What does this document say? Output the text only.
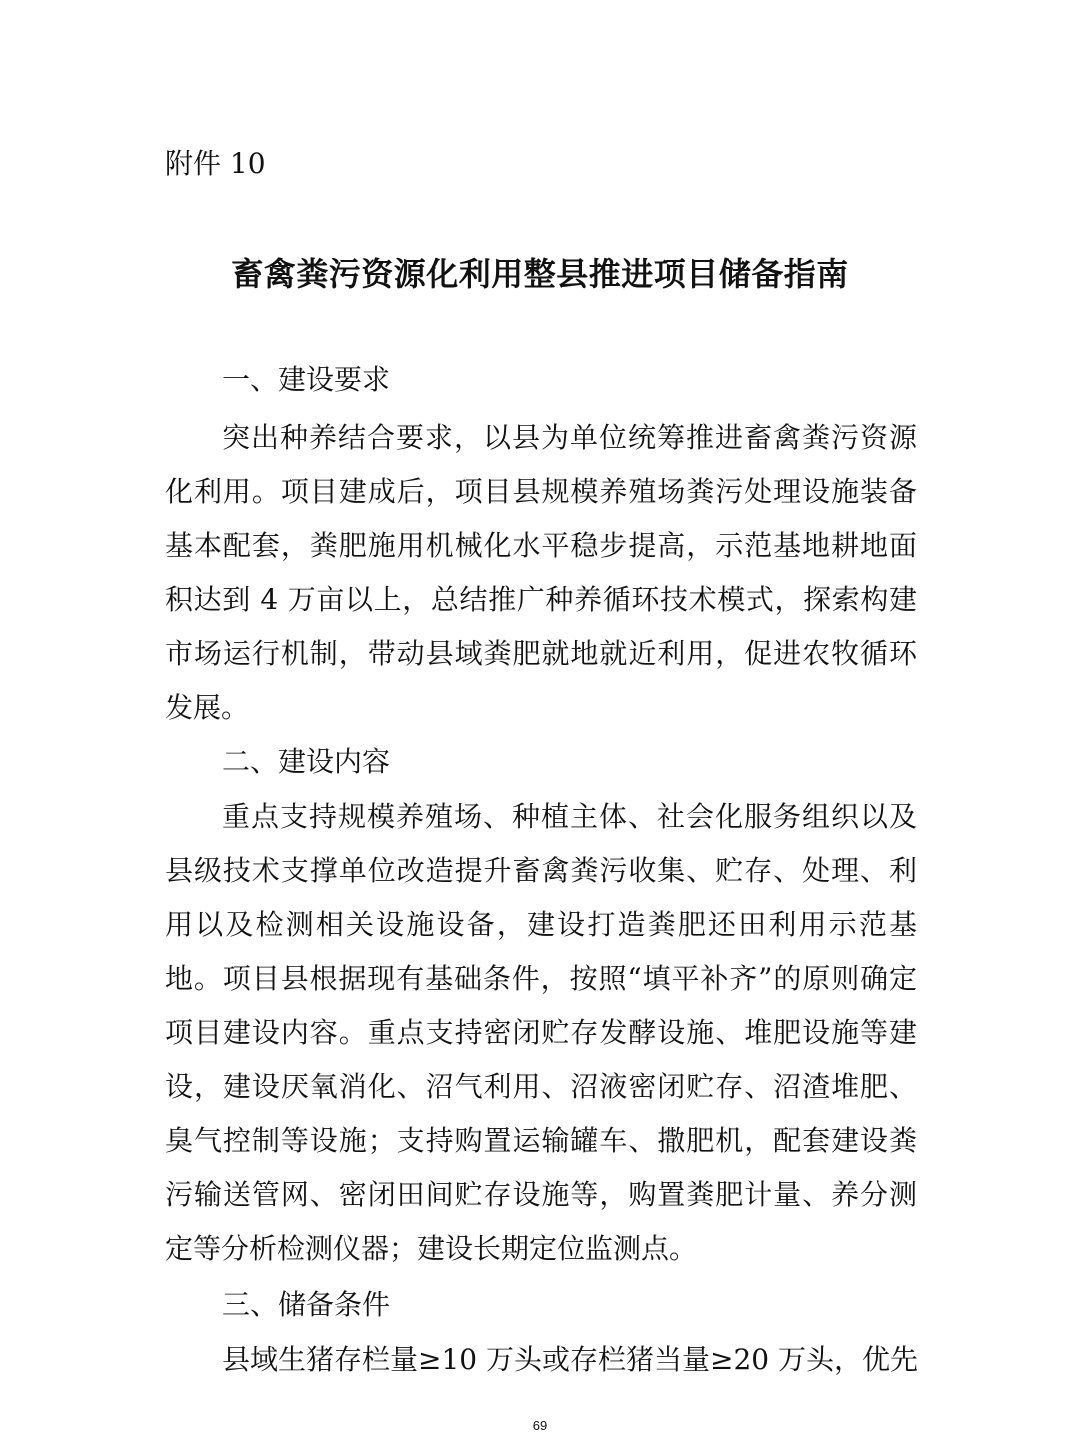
附件 10
畜禽粪污资源化利用整县推进项目储备指南
一、建设要求
突出种养结合要求，以县为单位统筹推进畜禽粪污资源
化利用。项目建成后，项目县规模养殖场粪污处理设施装备
基本配套，粪肥施用机械化水平稳步提高，示范基地耕地面
积达到 4 万亩以上，总结推广种养循环技术模式，探索构建
市场运行机制，带动县域粪肥就地就近利用，促进农牧循环
发展。
二、建设内容
重点支持规模养殖场、种植主体、社会化服务组织以及
县级技术支撑单位改造提升畜禽粪污收集、贮存、处理、利
用以及检测相关设施设备，建设打造粪肥还田利用示范基
地。项目县根据现有基础条件，按照“填平补齐”的原则确定
项目建设内容。重点支持密闭贮存发酵设施、堆肥设施等建
设，建设厌氧消化、沼气利用、沼液密闭贮存、沼渣堆肥、
臭气控制等设施；支持购置运输罐车、撒肥机，配套建设粪
污输送管网、密闭田间贮存设施等，购置粪肥计量、养分测
定等分析检测仪器；建设长期定位监测点。
三、储备条件
县域生猪存栏量≥10 万头或存栏猪当量≥20 万头，优先
69
